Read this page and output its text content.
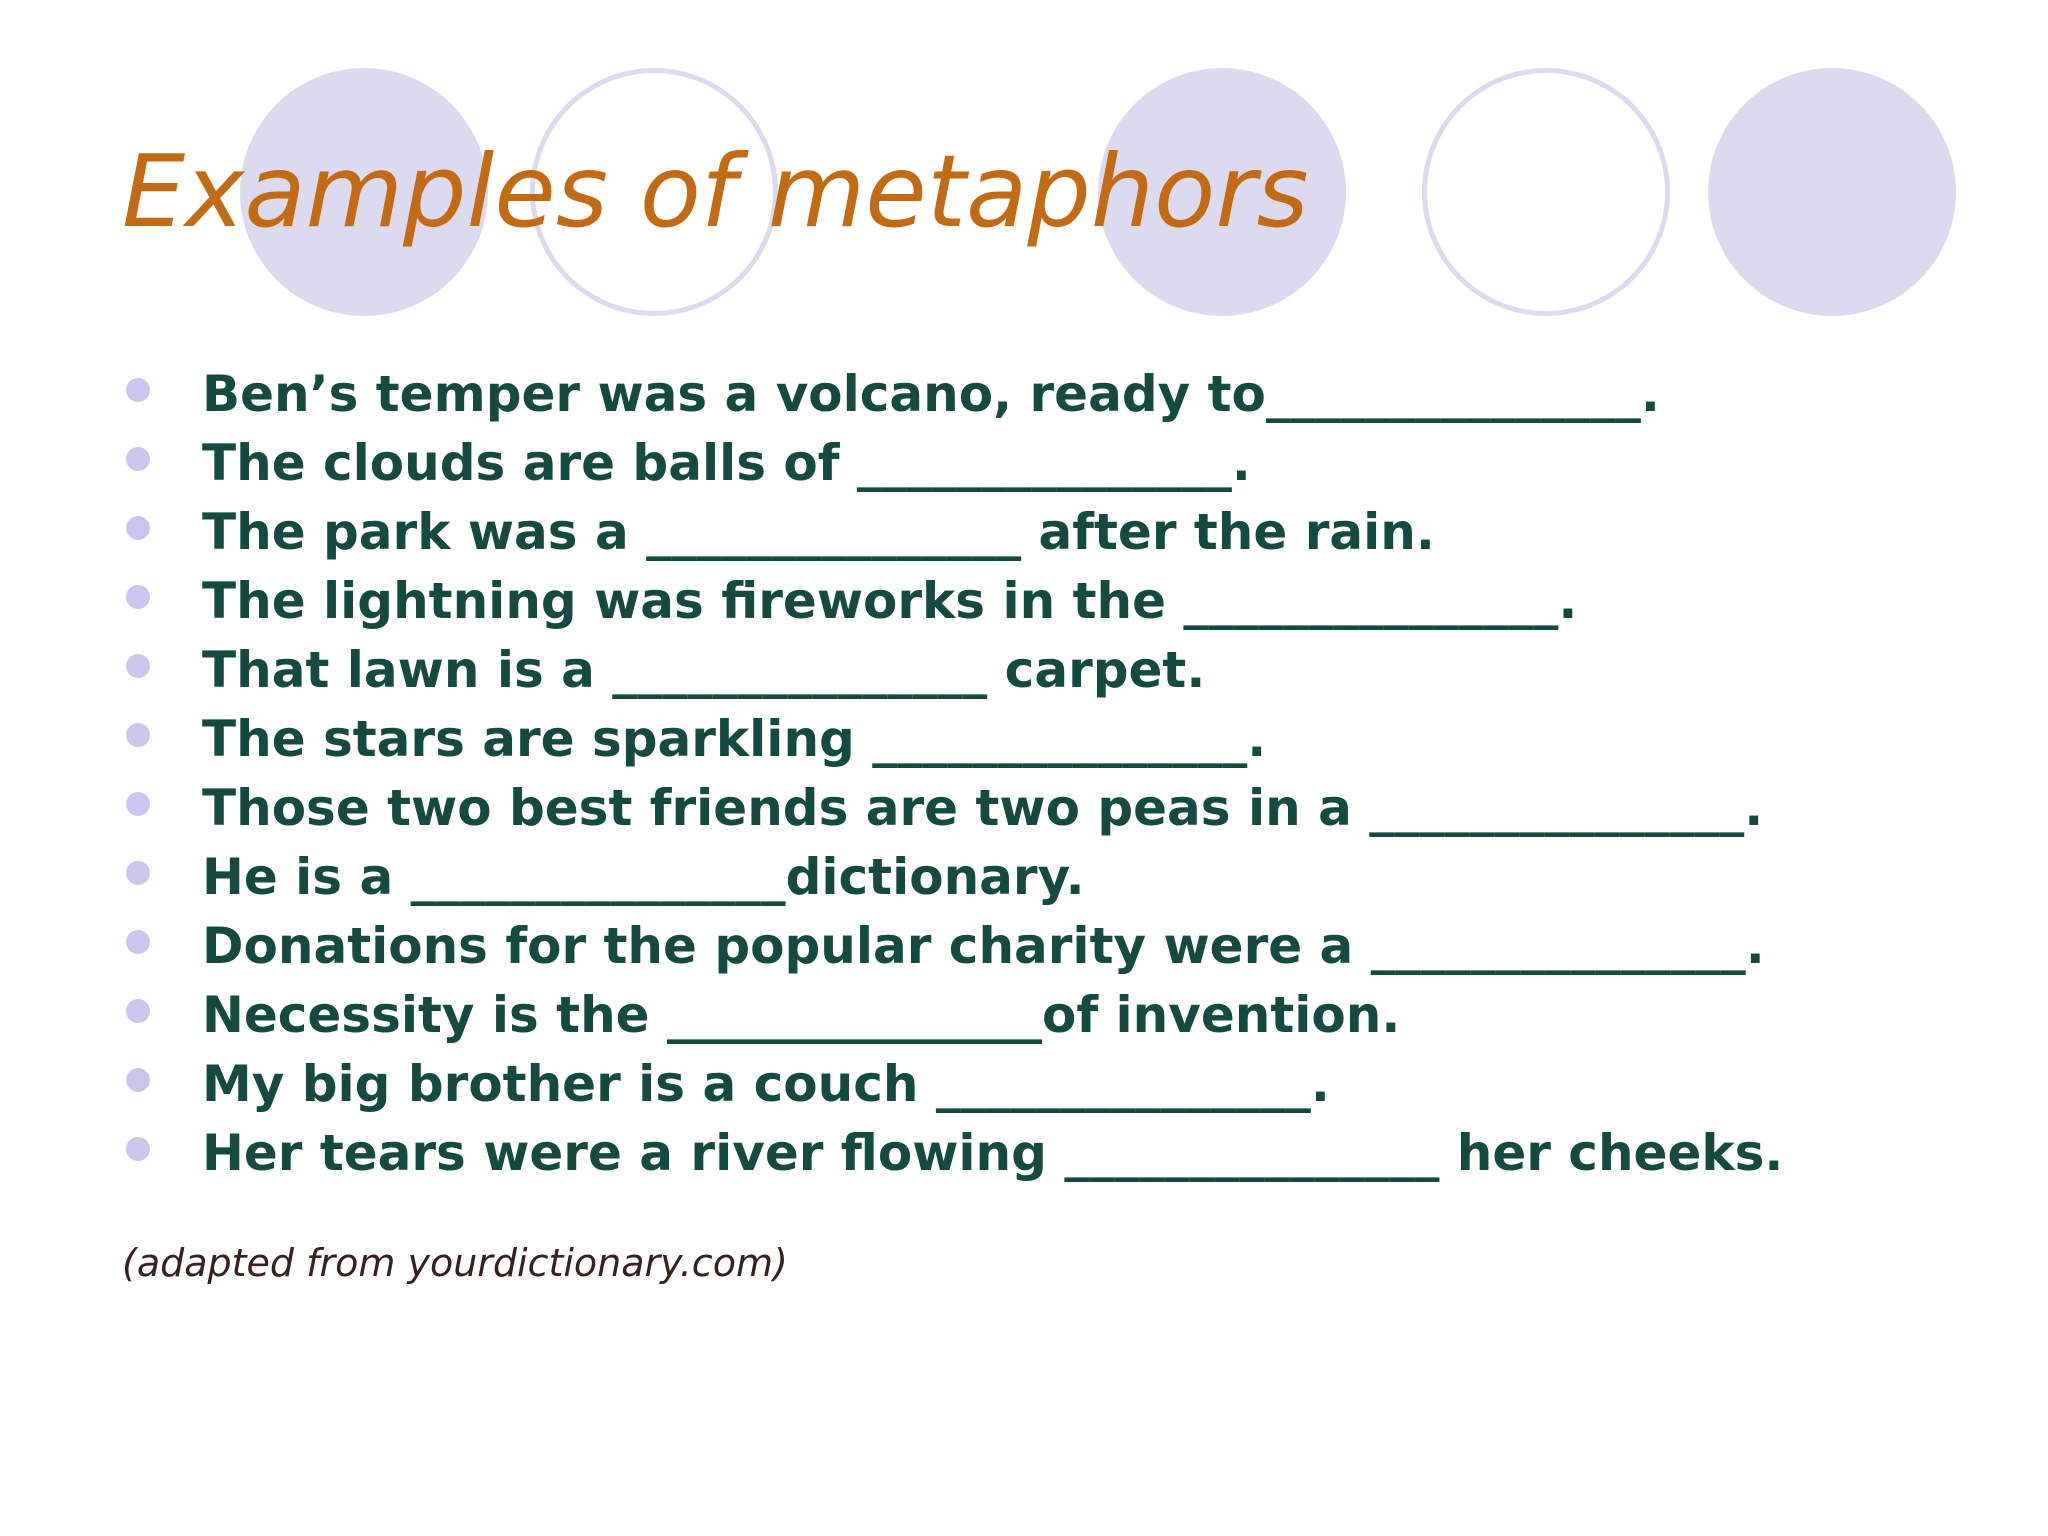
Examples of metaphors
Ben’s temper was a volcano, ready to_______________.
The clouds are balls of _______________.
The park was a _______________ after the rain.
The lightning was fireworks in the _______________.
That lawn is a _______________ carpet.
The stars are sparkling _______________.
Those two best friends are two peas in a _______________.
He is a _______________dictionary.
Donations for the popular charity were a _______________.
Necessity is the _______________of invention.
My big brother is a couch _______________.
Her tears were a river flowing _______________ her cheeks.
(adapted from yourdictionary.com)
